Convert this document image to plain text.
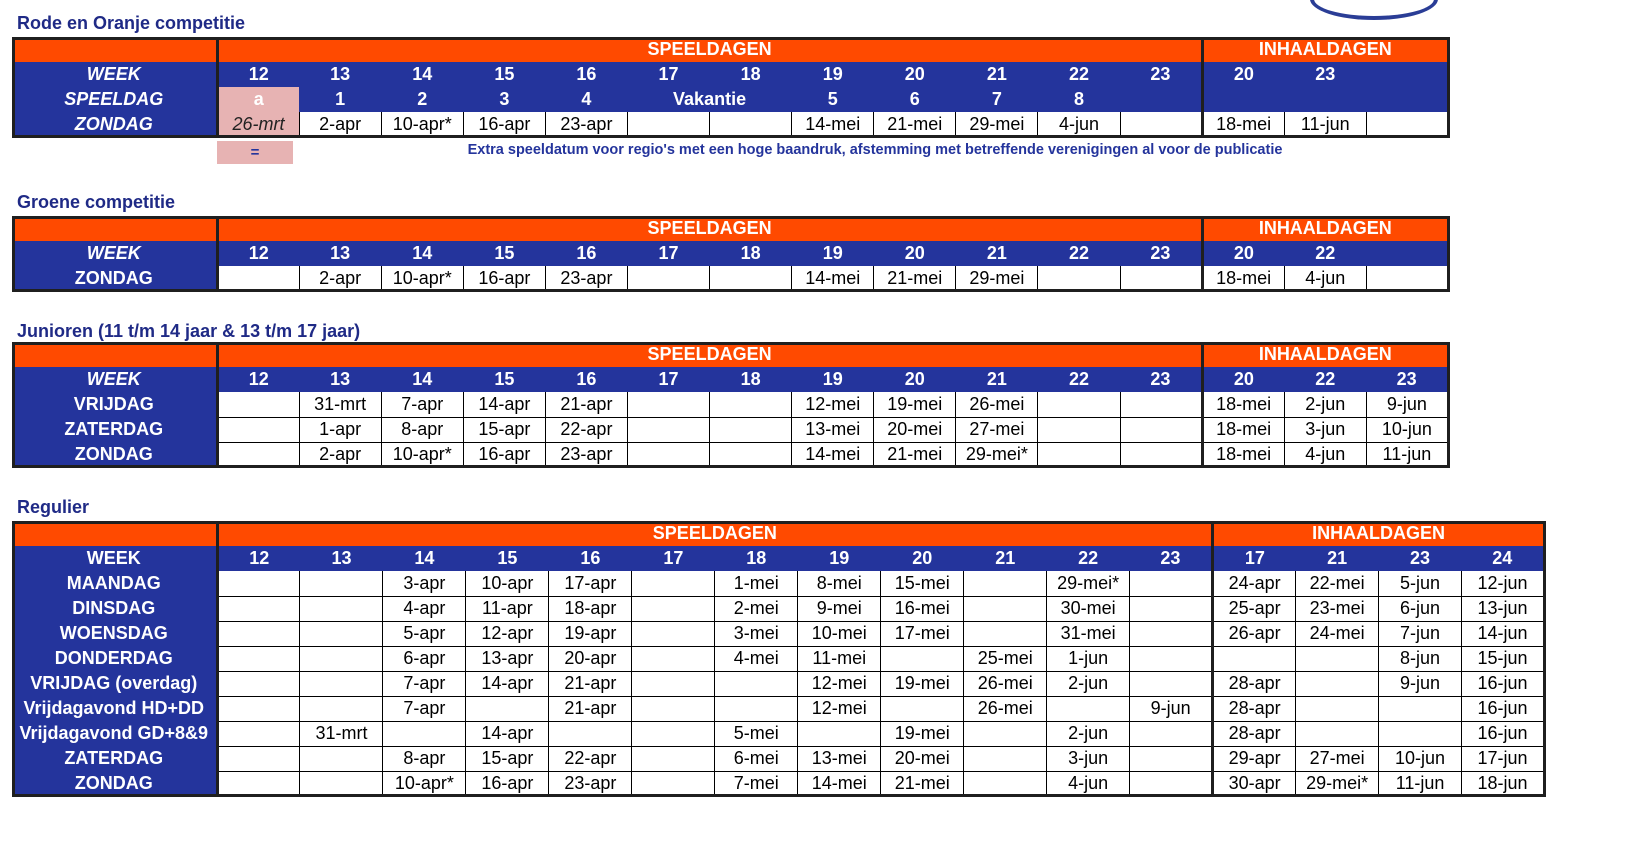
Rode en Oranje competitie
	SPEELDAGEN												INHAALDAGEN		
WEEK	12	13	14	15	16	17	18	19	20	21	22	23	20	23	
SPEELDAG	a	1	2	3	4	Vakantie		5	6	7	8				
ZONDAG	26-mrt	2-apr	10-apr*	16-apr	23-apr			14-mei	21-mei	29-mei	4-jun		18-mei	11-jun	
=	Extra speeldatum voor regio's met een hoge baandruk, afstemming met betreffende verenigingen al voor de publicatie
Groene competitie
	SPEELDAGEN												INHAALDAGEN		
WEEK	12	13	14	15	16	17	18	19	20	21	22	23	20	22	
ZONDAG		2-apr	10-apr*	16-apr	23-apr			14-mei	21-mei	29-mei			18-mei	4-jun	
Junioren (11 t/m 14 jaar & 13 t/m 17 jaar)
	SPEELDAGEN												INHAALDAGEN		
WEEK	12	13	14	15	16	17	18	19	20	21	22	23	20	22	23
VRIJDAG		31-mrt	7-apr	14-apr	21-apr			12-mei	19-mei	26-mei			18-mei	2-jun	9-jun
ZATERDAG		1-apr	8-apr	15-apr	22-apr			13-mei	20-mei	27-mei			18-mei	3-jun	10-jun
ZONDAG		2-apr	10-apr*	16-apr	23-apr			14-mei	21-mei	29-mei*			18-mei	4-jun	11-jun
Regulier
	SPEELDAGEN												INHAALDAGEN			
WEEK	12	13	14	15	16	17	18	19	20	21	22	23	17	21	23	24
MAANDAG			3-apr	10-apr	17-apr		1-mei	8-mei	15-mei		29-mei*		24-apr	22-mei	5-jun	12-jun
DINSDAG			4-apr	11-apr	18-apr		2-mei	9-mei	16-mei		30-mei		25-apr	23-mei	6-jun	13-jun
WOENSDAG			5-apr	12-apr	19-apr		3-mei	10-mei	17-mei		31-mei		26-apr	24-mei	7-jun	14-jun
DONDERDAG			6-apr	13-apr	20-apr		4-mei	11-mei		25-mei	1-jun				8-jun	15-jun
VRIJDAG (overdag)			7-apr	14-apr	21-apr			12-mei	19-mei	26-mei	2-jun		28-apr		9-jun	16-jun
Vrijdagavond HD+DD			7-apr		21-apr			12-mei		26-mei		9-jun	28-apr			16-jun
Vrijdagavond GD+8&9		31-mrt		14-apr			5-mei		19-mei		2-jun		28-apr			16-jun
ZATERDAG			8-apr	15-apr	22-apr		6-mei	13-mei	20-mei		3-jun		29-apr	27-mei	10-jun	17-jun
ZONDAG			10-apr*	16-apr	23-apr		7-mei	14-mei	21-mei		4-jun		30-apr	29-mei*	11-jun	18-jun
